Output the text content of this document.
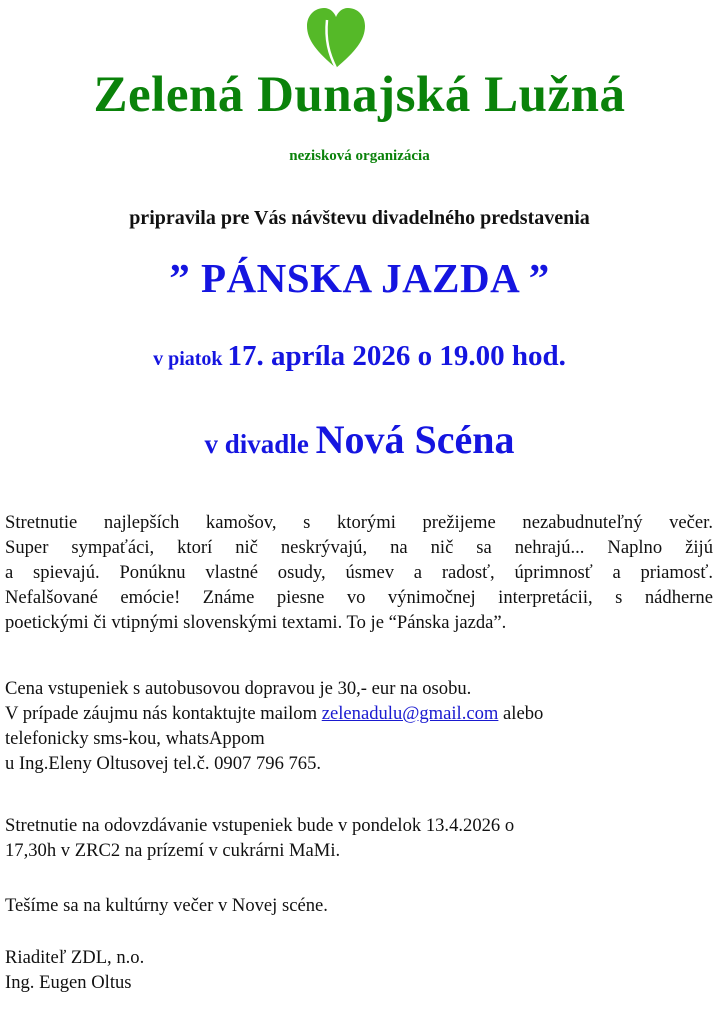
Zelená Dunajská Lužná

nezisková organizácia

pripravila pre Vás návštevu divadelného predstavenia

” PÁNSKA JAZDA ”

v piatok 17. apríla 2026 o 19.00 hod.

v divadle Nová Scéna

Stretnutie najlepších kamošov, s ktorými prežijeme nezabudnuteľný večer.
Super sympaťáci, ktorí nič neskrývajú, na nič sa nehrajú... Naplno žijú
a spievajú. Ponúknu vlastné osudy, úsmev a radosť, úprimnosť a priamosť.
Nefalšované emócie! Známe piesne vo výnimočnej interpretácii, s nádherne
poetickými či vtipnými slovenskými textami. To je “Pánska jazda”.
Cena vstupeniek s autobusovou dopravou je 30,- eur na osobu.
V prípade záujmu nás kontaktujte mailom zelenadulu@gmail.com alebo
telefonicky sms-kou, whatsAppom
u Ing.Eleny Oltusovej tel.č. 0907 796 765.
Stretnutie na odovzdávanie vstupeniek bude v pondelok 13.4.2026 o
17,30h v ZRC2 na prízemí v cukrárni MaMi.
Tešíme sa na kultúrny večer v Novej scéne.
Riaditeľ ZDL, n.o.
Ing. Eugen Oltus
